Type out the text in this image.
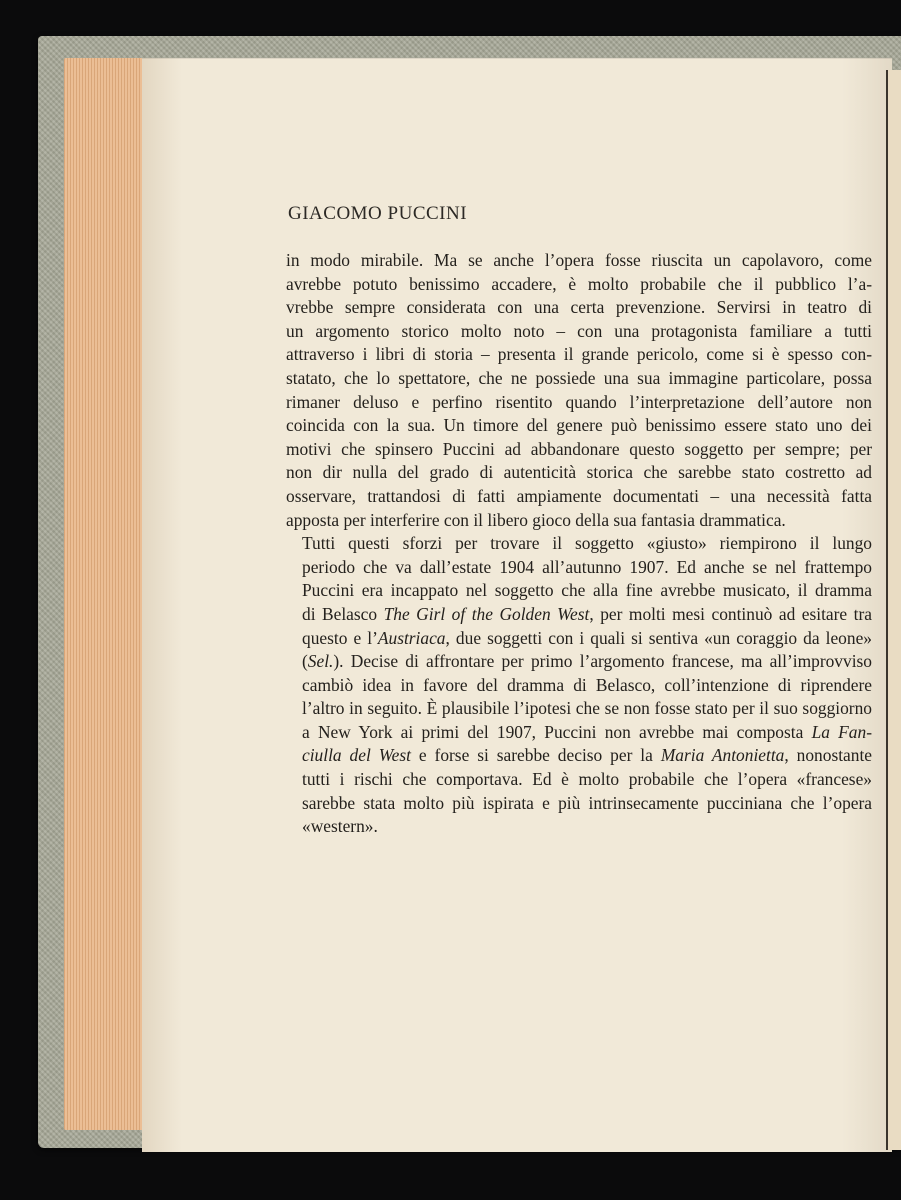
GIACOMO PUCCINI

in modo mirabile. Ma se anche l’opera fosse riuscita un capolavoro, come
avrebbe potuto benissimo accadere, è molto probabile che il pubblico l’a-
vrebbe sempre considerata con una certa prevenzione. Servirsi in teatro di
un argomento storico molto noto – con una protagonista familiare a tutti
attraverso i libri di storia – presenta il grande pericolo, come si è spesso con-
statato, che lo spettatore, che ne possiede una sua immagine particolare, possa
rimaner deluso e perfino risentito quando l’interpretazione dell’autore non
coincida con la sua. Un timore del genere può benissimo essere stato uno dei
motivi che spinsero Puccini ad abbandonare questo soggetto per sempre; per
non dir nulla del grado di autenticità storica che sarebbe stato costretto ad
osservare, trattandosi di fatti ampiamente documentati – una necessità fatta
apposta per interferire con il libero gioco della sua fantasia drammatica.

Tutti questi sforzi per trovare il soggetto «giusto» riempirono il lungo
periodo che va dall’estate 1904 all’autunno 1907. Ed anche se nel frattempo
Puccini era incappato nel soggetto che alla fine avrebbe musicato, il dramma
di Belasco The Girl of the Golden West, per molti mesi continuò ad esitare tra
questo e l’Austriaca, due soggetti con i quali si sentiva «un coraggio da leone»
(Sel.). Decise di affrontare per primo l’argomento francese, ma all’improvviso
cambiò idea in favore del dramma di Belasco, coll’intenzione di riprendere
l’altro in seguito. È plausibile l’ipotesi che se non fosse stato per il suo soggiorno
a New York ai primi del 1907, Puccini non avrebbe mai composta La Fan-
ciulla del West e forse si sarebbe deciso per la Maria Antonietta, nonostante
tutti i rischi che comportava. Ed è molto probabile che l’opera «francese»
sarebbe stata molto più ispirata e più intrinsecamente pucciniana che l’opera
«western».
